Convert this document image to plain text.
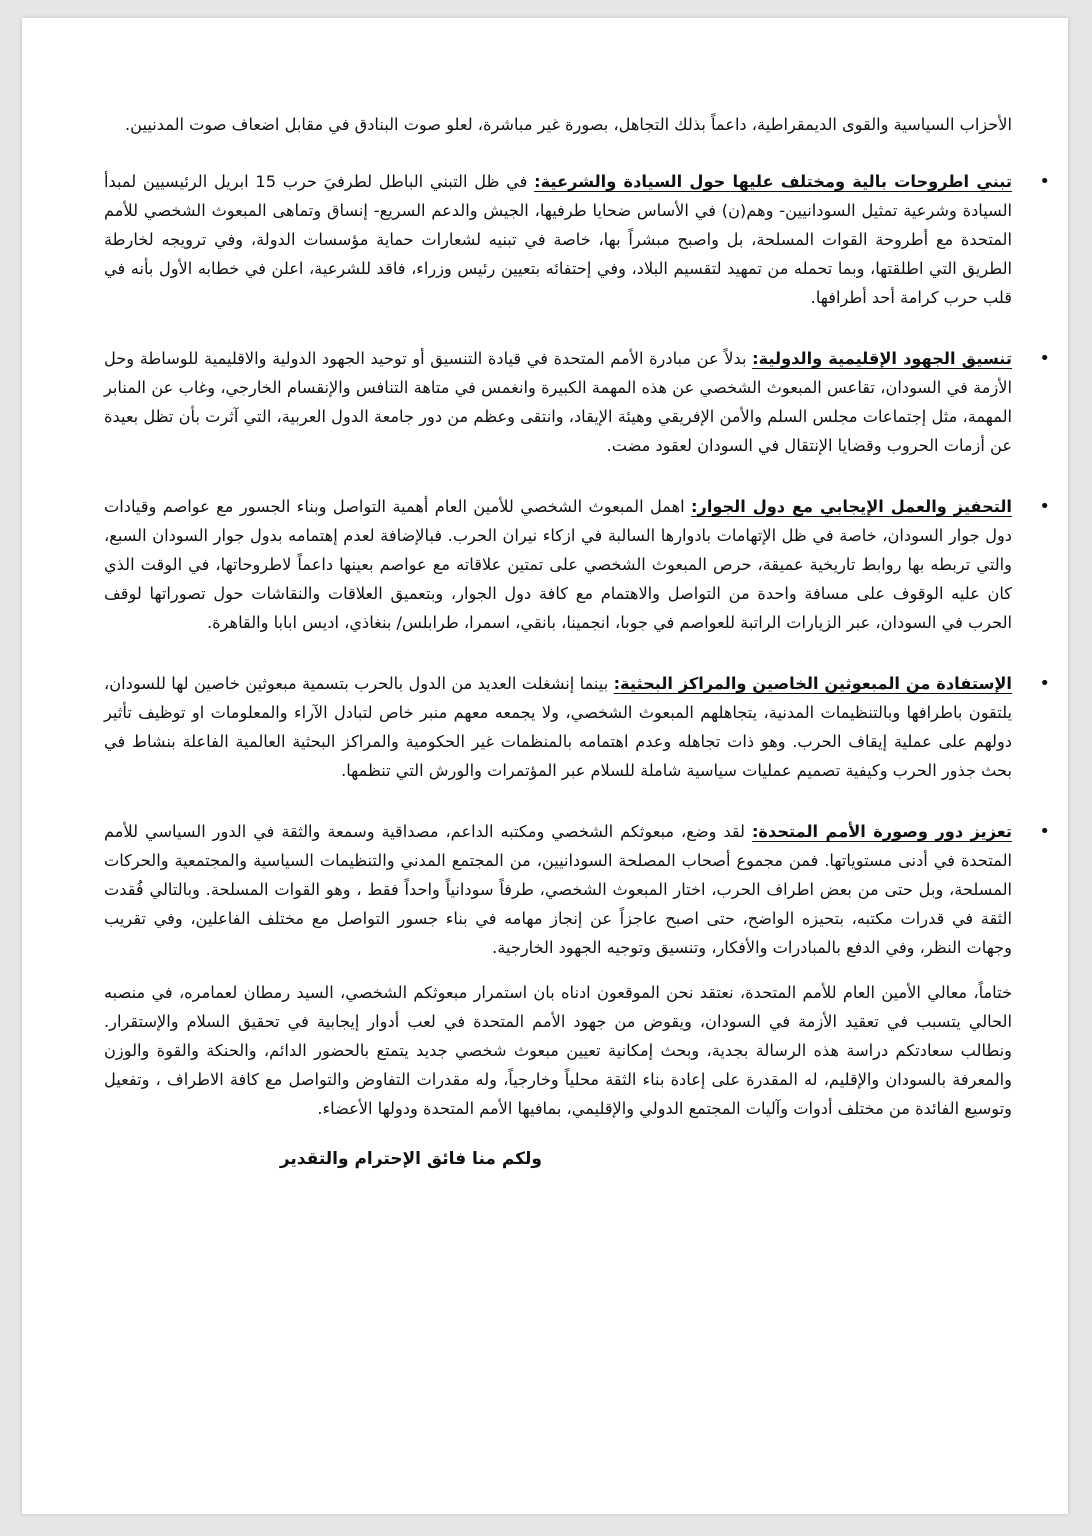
الأحزاب السياسية والقوى الديمقراطية، داعماً بذلك التجاهل، بصورة غير مباشرة، لعلو صوت البنادق في مقابل اضعاف صوت المدنيين.

• تبني اطروحات بالية ومختلف عليها حول السيادة والشرعية: في ظل التبني الباطل لطرفيَ حرب 15 ابريل الرئيسيين لمبدأ السيادة وشرعية تمثيل السودانيين- وهم(ن) في الأساس ضحايا طرفيها، الجيش والدعم السريع- إنساق وتماهى المبعوث الشخصي للأمم المتحدة مع أطروحة القوات المسلحة، بل واصبح مبشراً بها، خاصة في تبنيه لشعارات حماية مؤسسات الدولة، وفي ترويجه لخارطة الطريق التي اطلقتها، وبما تحمله من تمهيد لتقسيم البلاد، وفي إحتفائه بتعيين رئيس وزراء، فاقد للشرعية، اعلن في خطابه الأول بأنه في قلب حرب كرامة أحد أطرافها.
• تنسيق الجهود الإقليمية والدولية: بدلاً عن مبادرة الأمم المتحدة في قيادة التنسيق أو توحيد الجهود الدولية والاقليمية للوساطة وحل الأزمة في السودان، تقاعس المبعوث الشخصي عن هذه المهمة الكبيرة وانغمس في متاهة التنافس والإنقسام الخارجي، وغاب عن المنابر المهمة، مثل إجتماعات مجلس السلم والأمن الإفريقي وهيئة الإيقاد، وانتقى وعظم من دور جامعة الدول العربية، التي آثرت بأن تظل بعيدة عن أزمات الحروب وقضايا الإنتقال في السودان لعقود مضت.
• التحفيز والعمل الإيجابي مع دول الجوار: اهمل المبعوث الشخصي للأمين العام أهمية التواصل وبناء الجسور مع عواصم وقيادات دول جوار السودان، خاصة في ظل الإتهامات بادوارها السالبة في ازكاء نيران الحرب. فبالإضافة لعدم إهتمامه بدول جوار السودان السبع، والتي تربطه بها روابط تاريخية عميقة، حرص المبعوث الشخصي على تمتين علاقاته مع عواصم بعينها داعماً لاطروحاتها، في الوقت الذي كان عليه الوقوف على مسافة واحدة من التواصل والاهتمام مع كافة دول الجوار، وبتعميق العلاقات والنقاشات حول تصوراتها لوقف الحرب في السودان، عبر الزيارات الراتبة للعواصم في جوبا، انجمينا، بانقي، اسمرا، طرابلس/ بنغاذي، اديس ابابا والقاهرة.
• الإستفادة من المبعوثين الخاصين والمراكز البحثية: بينما إنشغلت العديد من الدول بالحرب بتسمية مبعوثين خاصين لها للسودان، يلتقون باطرافها وبالتنظيمات المدنية، يتجاهلهم المبعوث الشخصي، ولا يجمعه معهم منبر خاص لتبادل الآراء والمعلومات او توظيف تأثير دولهم على عملية إيقاف الحرب. وهو ذات تجاهله وعدم اهتمامه بالمنظمات غير الحكومية والمراكز البحثية العالمية الفاعلة بنشاط في بحث جذور الحرب وكيفية تصميم عمليات سياسية شاملة للسلام عبر المؤتمرات والورش التي تنظمها.
• تعزيز دور وصورة الأمم المتحدة: لقد وضع، مبعوثكم الشخصي ومكتبه الداعم، مصداقية وسمعة والثقة في الدور السياسي للأمم المتحدة في أدنى مستوياتها. فمن مجموع أصحاب المصلحة السودانيين، من المجتمع المدني والتنظيمات السياسية والمجتمعية والحركات المسلحة، وبل حتى من بعض اطراف الحرب، اختار المبعوث الشخصي، طرفاً سودانياً واحداً فقط ، وهو القوات المسلحة. وبالتالي فُقدت الثقة في قدرات مكتبه، بتحيزه الواضح، حتى اصبح عاجزاً عن إنجاز مهامه في بناء جسور التواصل مع مختلف الفاعلين، وفي تقريب وجهات النظر، وفي الدفع بالمبادرات والأفكار، وتنسيق وتوجيه الجهود الخارجية.

ختاماً، معالي الأمين العام للأمم المتحدة، نعتقد نحن الموقعون ادناه بان استمرار مبعوثكم الشخصي، السيد رمطان لعمامره، في منصبه الحالي يتسبب في تعقيد الأزمة في السودان، ويقوض من جهود الأمم المتحدة في لعب أدوار إيجابية في تحقيق السلام والإستقرار. ونطالب سعادتكم دراسة هذه الرسالة بجدية، وبحث إمكانية تعيين مبعوث شخصي جديد يتمتع بالحضور الدائم، والحنكة والقوة والوزن والمعرفة بالسودان والإقليم، له المقدرة على إعادة بناء الثقة محلياً وخارجياً، وله مقدرات التفاوض والتواصل مع كافة الاطراف ، وتفعيل وتوسيع الفائدة من مختلف أدوات وآليات المجتمع الدولي والإقليمي، بمافيها الأمم المتحدة ودولها الأعضاء.

ولكم منا فائق الإحترام والتقدير
